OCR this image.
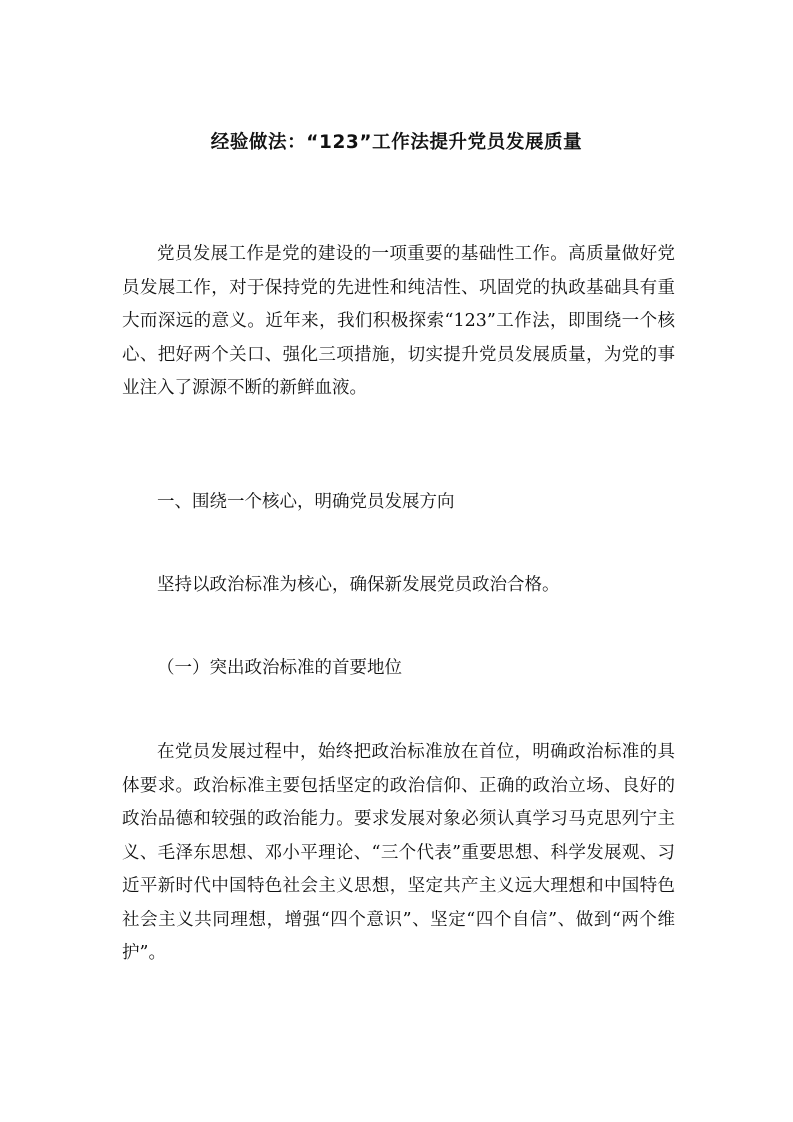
经验做法：“123”工作法提升党员发展质量
党员发展工作是党的建设的一项重要的基础性工作。高质量做好党员发展工作，对于保持党的先进性和纯洁性、巩固党的执政基础具有重大而深远的意义。近年来，我们积极探索“123”工作法，即围绕一个核心、把好两个关口、强化三项措施，切实提升党员发展质量，为党的事业注入了源源不断的新鲜血液。
一、围绕一个核心，明确党员发展方向
坚持以政治标准为核心，确保新发展党员政治合格。
（一）突出政治标准的首要地位
在党员发展过程中，始终把政治标准放在首位，明确政治标准的具体要求。政治标准主要包括坚定的政治信仰、正确的政治立场、良好的政治品德和较强的政治能力。要求发展对象必须认真学习马克思列宁主义、毛泽东思想、邓小平理论、“三个代表”重要思想、科学发展观、习近平新时代中国特色社会主义思想，坚定共产主义远大理想和中国特色社会主义共同理想，增强“四个意识”、坚定“四个自信”、做到“两个维护”。
